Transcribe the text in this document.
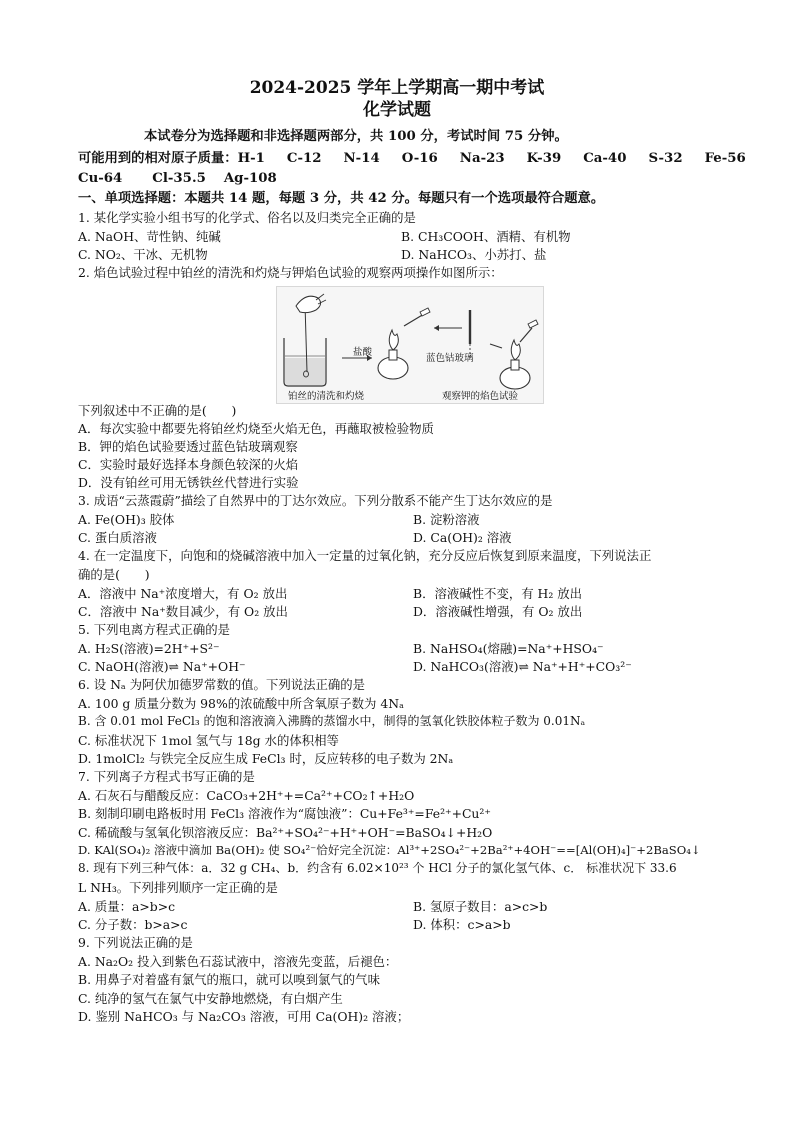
2024-2025 学年上学期高一期中考试
化学试题
本试卷分为选择题和非选择题两部分，共 100 分，考试时间 75 分钟。
可能用到的相对原子质量：H-1 C-12 N-14 O-16 Na-23 K-39 Ca-40 S-32 Fe-56
Cu-64 Cl-35.5 Ag-108
一、单项选择题：本题共 14 题，每题 3 分，共 42 分。每题只有一个选项最符合题意。
1. 某化学实验小组书写的化学式、俗名以及归类完全正确的是
A. NaOH、苛性钠、纯碱	B. CH₃COOH、酒精、有机物
C. NO₂、干冰、无机物	D. NaHCO₃、小苏打、盐
2. 焰色试验过程中铂丝的清洗和灼烧与钾焰色试验的观察两项操作如图所示：
盐酸
蓝色钴玻璃
铂丝的清洗和灼烧	观察钾的焰色试验
下列叙述中不正确的是(　　)
A．每次实验中都要先将铂丝灼烧至火焰无色，再蘸取被检验物质
B．钾的焰色试验要透过蓝色钴玻璃观察
C．实验时最好选择本身颜色较深的火焰
D．没有铂丝可用无锈铁丝代替进行实验
3. 成语“云蒸霞蔚”描绘了自然界中的丁达尔效应。下列分散系不能产生丁达尔效应的是
A. Fe(OH)₃ 胶体	B. 淀粉溶液
C. 蛋白质溶液	D. Ca(OH)₂ 溶液
4. 在一定温度下，向饱和的烧碱溶液中加入一定量的过氧化钠，充分反应后恢复到原来温度，下列说法正
确的是(　　)
A．溶液中 Na⁺浓度增大，有 O₂ 放出	B．溶液碱性不变，有 H₂ 放出
C．溶液中 Na⁺数目减少，有 O₂ 放出	D．溶液碱性增强，有 O₂ 放出
5. 下列电离方程式正确的是
A. H₂S(溶液)=2H⁺+S²⁻	B. NaHSO₄(熔融)=Na⁺+HSO₄⁻
C. NaOH(溶液)⇌ Na⁺+OH⁻	D. NaHCO₃(溶液)⇌ Na⁺+H⁺+CO₃²⁻
6. 设 Nₐ 为阿伏加德罗常数的值。下列说法正确的是
A. 100 g 质量分数为 98%的浓硫酸中所含氧原子数为 4Nₐ
B. 含 0.01 mol FeCl₃ 的饱和溶液滴入沸腾的蒸馏水中，制得的氢氧化铁胶体粒子数为 0.01Nₐ
C. 标准状况下 1mol 氢气与 18g 水的体积相等
D. 1molCl₂ 与铁完全反应生成 FeCl₃ 时，反应转移的电子数为 2Nₐ
7. 下列离子方程式书写正确的是
A. 石灰石与醋酸反应：CaCO₃+2H⁺+=Ca²⁺+CO₂↑+H₂O
B. 刻制印刷电路板时用 FeCl₃ 溶液作为“腐蚀液”：Cu+Fe³⁺=Fe²⁺+Cu²⁺
C. 稀硫酸与氢氧化钡溶液反应：Ba²⁺+SO₄²⁻+H⁺+OH⁻=BaSO₄↓+H₂O
D. KAl(SO₄)₂ 溶液中滴加 Ba(OH)₂ 使 SO₄²⁻恰好完全沉淀：Al³⁺+2SO₄²⁻+2Ba²⁺+4OH⁻==[Al(OH)₄]⁻+2BaSO₄↓
8. 现有下列三种气体：a．32 g CH₄、b．约含有 6.02×10²³ 个 HCl 分子的氯化氢气体、c． 标准状况下 33.6
L NH₃。下列排列顺序一定正确的是
A. 质量：a>b>c	B. 氢原子数目：a>c>b
C. 分子数：b>a>c	D. 体积：c>a>b
9. 下列说法正确的是
A. Na₂O₂ 投入到紫色石蕊试液中，溶液先变蓝，后褪色：
B. 用鼻子对着盛有氯气的瓶口，就可以嗅到氯气的气味
C. 纯净的氢气在氯气中安静地燃烧，有白烟产生
D. 鉴别 NaHCO₃ 与 Na₂CO₃ 溶液，可用 Ca(OH)₂ 溶液；
